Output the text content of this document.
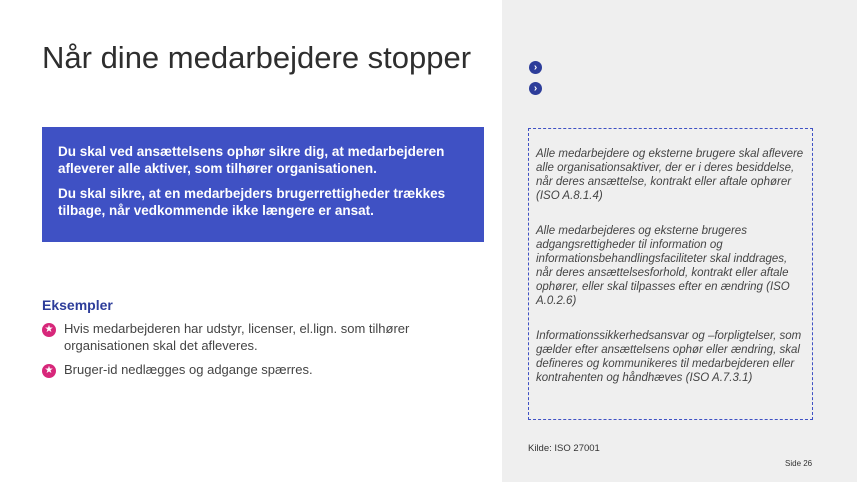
Når dine medarbejdere stopper

Du skal ved ansættelsens ophør sikre dig, at medarbejderen afleverer alle aktiver, som tilhører organisationen.

Du skal sikre, at en medarbejders brugerrettigheder trækkes tilbage, når vedkommende ikke længere er ansat.

Eksempler
★ Hvis medarbejderen har udstyr, licenser, el.lign. som tilhører organisationen skal det afleveres.
★ Bruger-id nedlægges og adgange spærres.
›
›
Alle medarbejdere og eksterne brugere skal aflevere alle organisationsaktiver, der er i deres besiddelse, når deres ansættelse, kontrakt eller aftale ophører (ISO A.8.1.4)
Alle medarbejderes og eksterne brugeres adgangsrettigheder til information og informationsbehandlingsfaciliteter skal inddrages, når deres ansættelsesforhold, kontrakt eller aftale ophører, eller skal tilpasses efter en ændring (ISO A.0.2.6)
Informationssikkerhedsansvar og –forpligtelser, som gælder efter ansættelsens ophør eller ændring, skal defineres og kommunikeres til medarbejderen eller kontrahenten og håndhæves (ISO A.7.3.1)
Kilde: ISO 27001
Side 26
